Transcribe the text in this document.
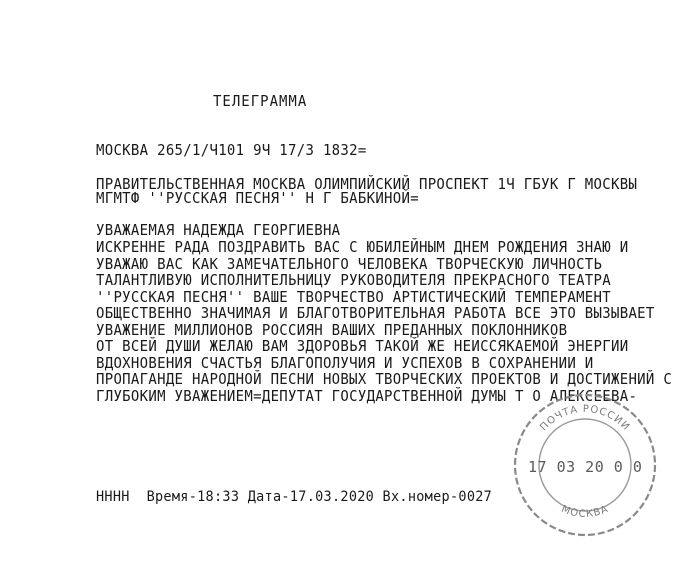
ТЕЛЕГРАММА
МОСКВА 265/1/Ч101 9Ч 17/3 1832=
ПРАВИТЕЛЬСТВЕННАЯ МОСКВА ОЛИМПИЙСКИЙ ПРОСПЕКТ 1Ч ГБУК Г МОСКВЫ
МГМТФ ''РУССКАЯ ПЕСНЯ'' Н Г БАБКИНОЙ=
УВАЖАЕМАЯ НАДЕЖДА ГЕОРГИЕВНА
ИСКРЕННЕ РАДА ПОЗДРАВИТЬ ВАС С ЮБИЛЕЙНЫМ ДНЕМ РОЖДЕНИЯ ЗНАЮ И
УВАЖАЮ ВАС КАК ЗАМЕЧАТЕЛЬНОГО ЧЕЛОВЕКА ТВОРЧЕСКУЮ ЛИЧНОСТЬ
ТАЛАНТЛИВУЮ ИСПОЛНИТЕЛЬНИЦУ РУКОВОДИТЕЛЯ ПРЕКРАСНОГО ТЕАТРА
''РУССКАЯ ПЕСНЯ'' ВАШЕ ТВОРЧЕСТВО АРТИСТИЧЕСКИЙ ТЕМПЕРАМЕНТ
ОБЩЕСТВЕННО ЗНАЧИМАЯ И БЛАГОТВОРИТЕЛЬНАЯ РАБОТА ВСЕ ЭТО ВЫЗЫВАЕТ
УВАЖЕНИЕ МИЛЛИОНОВ РОССИЯН ВАШИХ ПРЕДАННЫХ ПОКЛОННИКОВ
ОТ ВСЕЙ ДУШИ ЖЕЛАЮ ВАМ ЗДОРОВЬЯ ТАКОЙ ЖЕ НЕИССЯКАЕМОЙ ЭНЕРГИИ
ВДОХНОВЕНИЯ СЧАСТЬЯ БЛАГОПОЛУЧИЯ И УСПЕХОВ В СОХРАНЕНИИ И
ПРОПАГАНДЕ НАРОДНОЙ ПЕСНИ НОВЫХ ТВОРЧЕСКИХ ПРОЕКТОВ И ДОСТИЖЕНИЙ С
ГЛУБОКИМ УВАЖЕНИЕМ=ДЕПУТАТ ГОСУДАРСТВЕННОЙ ДУМЫ Т О АЛЕКСЕЕВА-
НННН  Время-18:33 Дата-17.03.2020 Вх.номер-0027
ПОЧТА РОССИИ
МОСКВА
17 03 20 0 0
